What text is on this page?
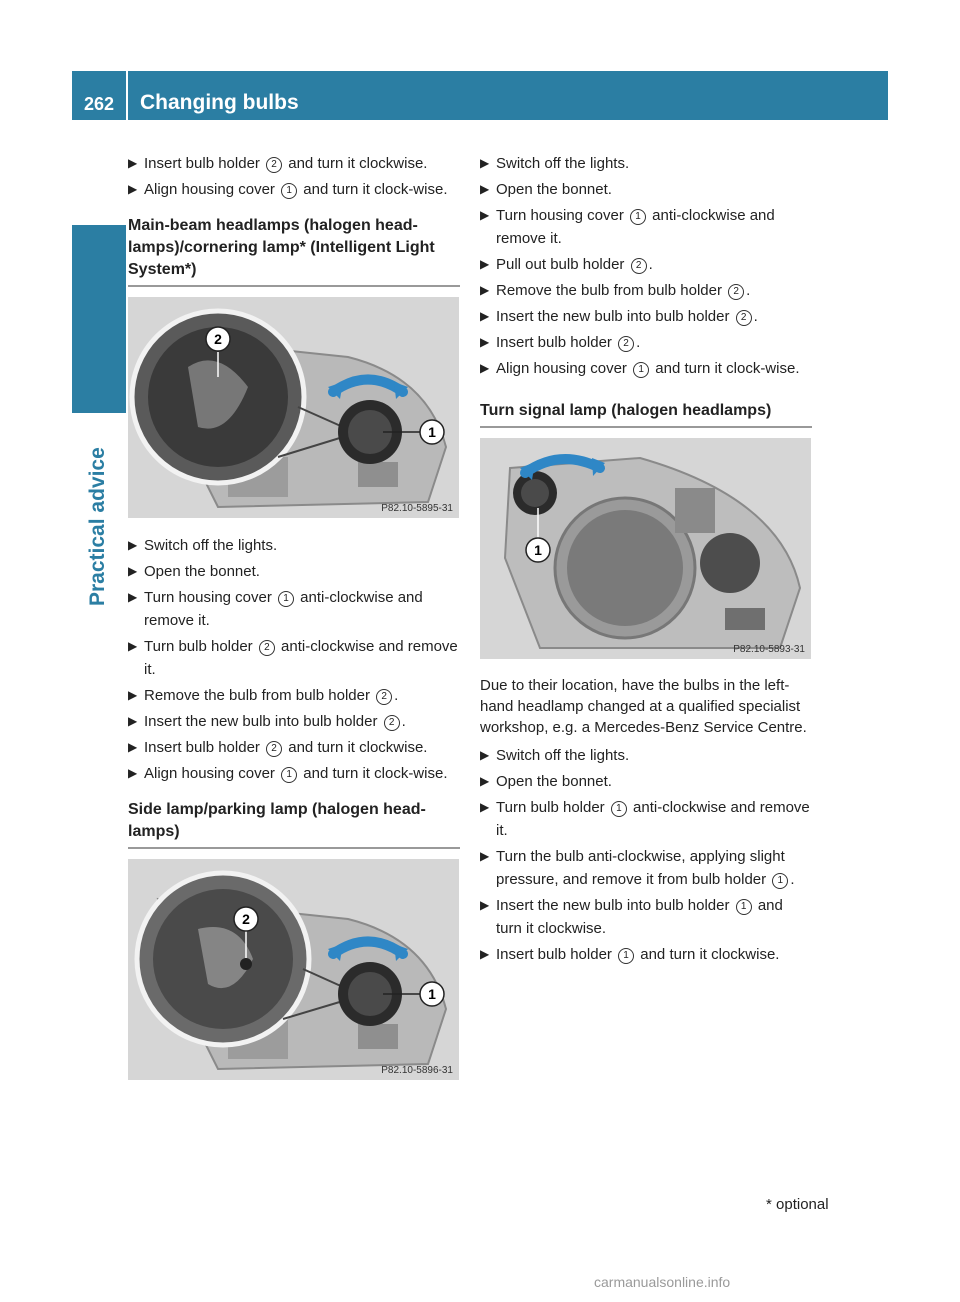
262	Changing bulbs
Practical advice
▶ Insert bulb holder 2 and turn it clockwise.
▶ Align housing cover 1 and turn it clock-wise.
Main-beam headlamps (halogen head-lamps)/cornering lamp* (Intelligent Light System*)
1
2
P82.10-5895-31
▶ Switch off the lights.
▶ Open the bonnet.
▶ Turn housing cover 1 anti-clockwise and remove it.
▶ Turn bulb holder 2 anti-clockwise and remove it.
▶ Remove the bulb from bulb holder 2 .
▶ Insert the new bulb into bulb holder 2 .
▶ Insert bulb holder 2 and turn it clockwise.
▶ Align housing cover 1 and turn it clock-wise.
Side lamp/parking lamp (halogen head-lamps)
1
2
P82.10-5896-31
▶ Switch off the lights.
▶ Open the bonnet.
▶ Turn housing cover 1 anti-clockwise and remove it.
▶ Pull out bulb holder 2 .
▶ Remove the bulb from bulb holder 2 .
▶ Insert the new bulb into bulb holder 2 .
▶ Insert bulb holder 2 .
▶ Align housing cover 1 and turn it clock-wise.
Turn signal lamp (halogen headlamps)
1
P82.10-5893-31
Due to their location, have the bulbs in the left-hand headlamp changed at a qualified specialist workshop, e.g. a Mercedes-Benz Service Centre.
▶ Switch off the lights.
▶ Open the bonnet.
▶ Turn bulb holder 1 anti-clockwise and remove it.
▶ Turn the bulb anti-clockwise, applying slight pressure, and remove it from bulb holder 1 .
▶ Insert the new bulb into bulb holder 1 and turn it clockwise.
▶ Insert bulb holder 1 and turn it clockwise.
* optional
carmanualsonline.info
